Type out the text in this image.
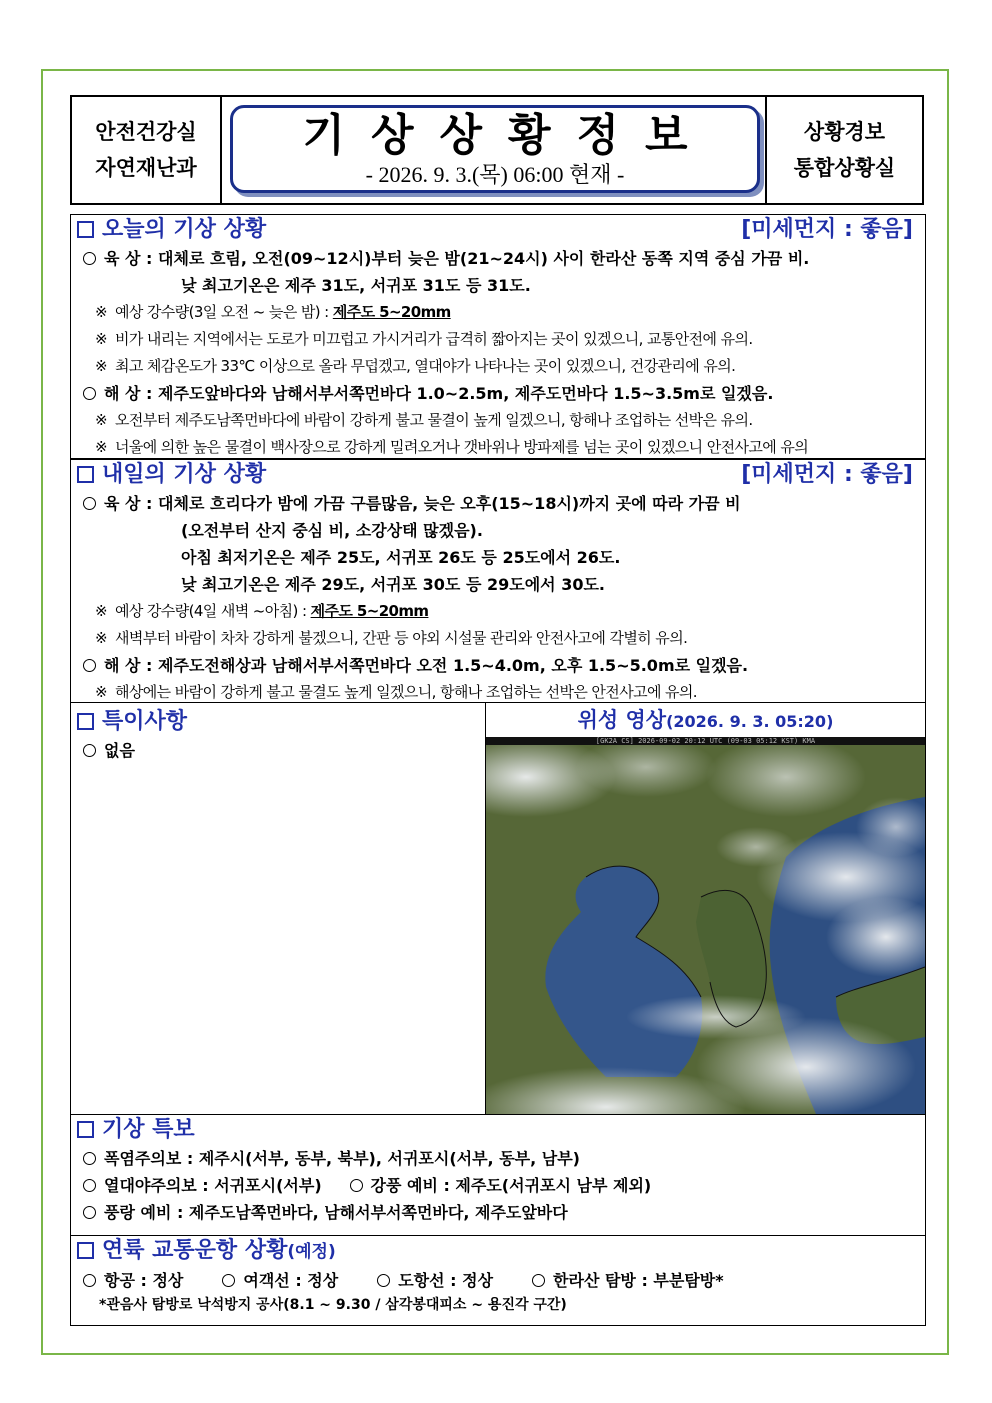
안전건강실
자연재난과
기상상황정보
- 2026. 9. 3.(목) 06:00 현재 -
상황경보
통합상황실
오늘의 기상 상황	[미세먼지 : 좋음]
육 상 : 대체로 흐림, 오전(09~12시)부터 늦은 밤(21~24시) 사이 한라산 동쪽 지역 중심 가끔 비.
낮 최고기온은 제주 31도, 서귀포 31도 등 31도.
※ 예상 강수량(3일 오전 ~ 늦은 밤) : 제주도 5~20mm
※ 비가 내리는 지역에서는 도로가 미끄럽고 가시거리가 급격히 짧아지는 곳이 있겠으니, 교통안전에 유의.
※ 최고 체감온도가 33℃ 이상으로 올라 무덥겠고, 열대야가 나타나는 곳이 있겠으니, 건강관리에 유의.
해 상 : 제주도앞바다와 남해서부서쪽먼바다 1.0~2.5m, 제주도먼바다 1.5~3.5m로 일겠음.
※ 오전부터 제주도남쪽먼바다에 바람이 강하게 불고 물결이 높게 일겠으니, 항해나 조업하는 선박은 유의.
※ 너울에 의한 높은 물결이 백사장으로 강하게 밀려오거나 갯바위나 방파제를 넘는 곳이 있겠으니 안전사고에 유의
내일의 기상 상황	[미세먼지 : 좋음]
육 상 : 대체로 흐리다가 밤에 가끔 구름많음, 늦은 오후(15~18시)까지 곳에 따라 가끔 비
(오전부터 산지 중심 비, 소강상태 많겠음).
아침 최저기온은 제주 25도, 서귀포 26도 등 25도에서 26도.
낮 최고기온은 제주 29도, 서귀포 30도 등 29도에서 30도.
※ 예상 강수량(4일 새벽 ~아침) : 제주도 5~20mm
※ 새벽부터 바람이 차차 강하게 불겠으니, 간판 등 야외 시설물 관리와 안전사고에 각별히 유의.
해 상 : 제주도전해상과 남해서부서쪽먼바다 오전 1.5~4.0m, 오후 1.5~5.0m로 일겠음.
※ 해상에는 바람이 강하게 불고 물결도 높게 일겠으니, 항해나 조업하는 선박은 안전사고에 유의.
특이사항
없음
위성 영상(2026. 9. 3. 05:20)
[GK2A CS] 2026-09-02 20:12 UTC (09-03 05:12 KST) KMA
기상 특보
폭염주의보 : 제주시(서부, 동부, 북부), 서귀포시(서부, 동부, 남부)
열대야주의보 : 서귀포시(서부)	강풍 예비 : 제주도(서귀포시 남부 제외)
풍랑 예비 : 제주도남쪽먼바다, 남해서부서쪽먼바다, 제주도앞바다
연륙 교통운항 상황(예정)
항공 : 정상	여객선 : 정상	도항선 : 정상	한라산 탐방 : 부분탐방*
*관음사 탐방로 낙석방지 공사(8.1 ~ 9.30 / 삼각봉대피소 ~ 용진각 구간)
